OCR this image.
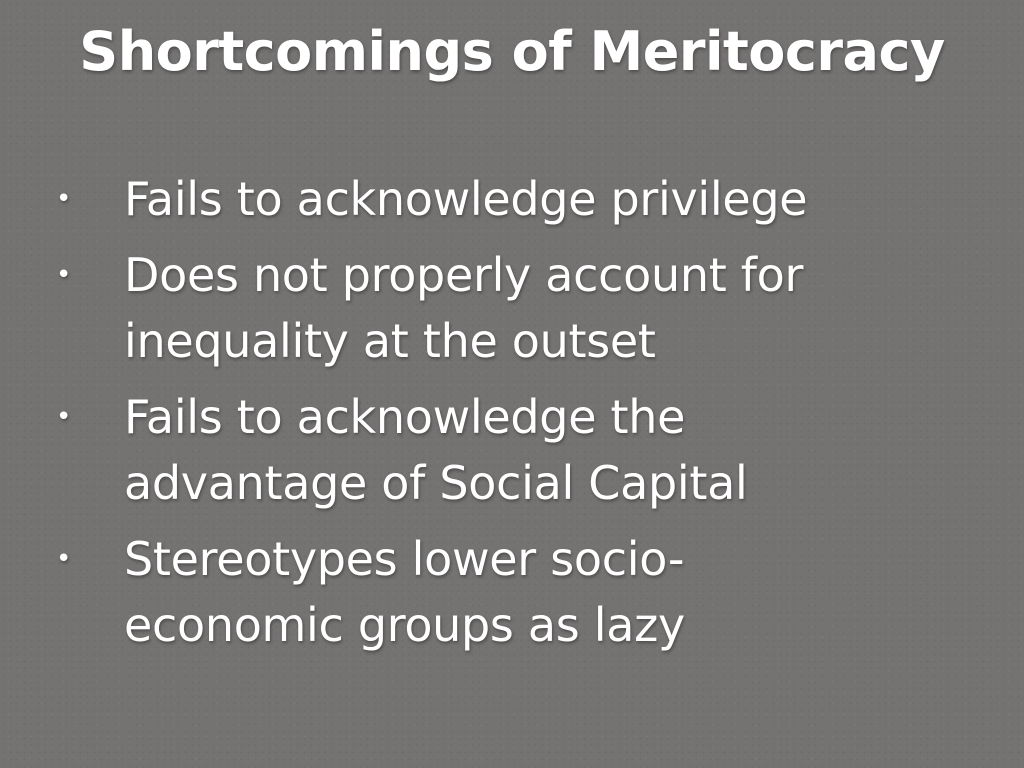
Shortcomings of Meritocracy
• Fails to acknowledge privilege
• Does not properly account for
inequality at the outset
• Fails to acknowledge the
advantage of Social Capital
• Stereotypes lower socio-
economic groups as lazy
